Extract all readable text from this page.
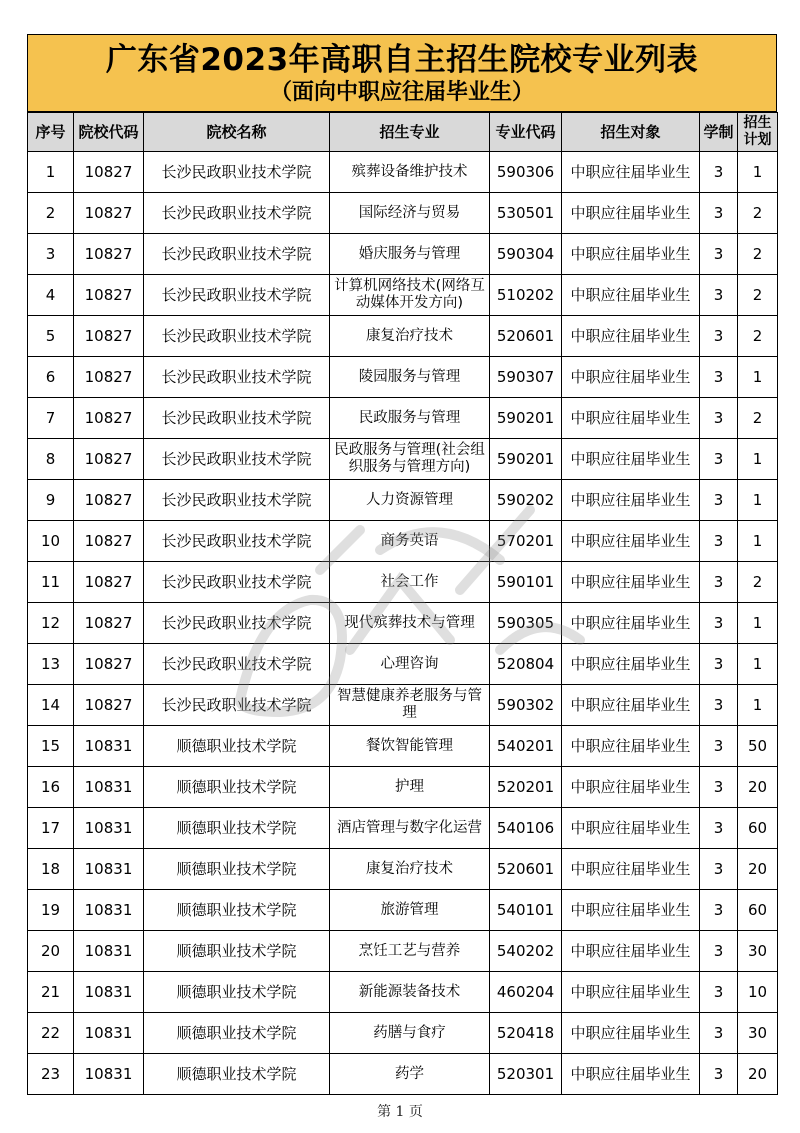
广东省2023年高职自主招生院校专业列表
（面向中职应往届毕业生）
序号	院校代码	院校名称	招生专业	专业代码	招生对象	学制	招生计划
1	10827	长沙民政职业技术学院	殡葬设备维护技术	590306	中职应往届毕业生	3	1
2	10827	长沙民政职业技术学院	国际经济与贸易	530501	中职应往届毕业生	3	2
3	10827	长沙民政职业技术学院	婚庆服务与管理	590304	中职应往届毕业生	3	2
4	10827	长沙民政职业技术学院	计算机网络技术(网络互动媒体开发方向)	510202	中职应往届毕业生	3	2
5	10827	长沙民政职业技术学院	康复治疗技术	520601	中职应往届毕业生	3	2
6	10827	长沙民政职业技术学院	陵园服务与管理	590307	中职应往届毕业生	3	1
7	10827	长沙民政职业技术学院	民政服务与管理	590201	中职应往届毕业生	3	2
8	10827	长沙民政职业技术学院	民政服务与管理(社会组织服务与管理方向)	590201	中职应往届毕业生	3	1
9	10827	长沙民政职业技术学院	人力资源管理	590202	中职应往届毕业生	3	1
10	10827	长沙民政职业技术学院	商务英语	570201	中职应往届毕业生	3	1
11	10827	长沙民政职业技术学院	社会工作	590101	中职应往届毕业生	3	2
12	10827	长沙民政职业技术学院	现代殡葬技术与管理	590305	中职应往届毕业生	3	1
13	10827	长沙民政职业技术学院	心理咨询	520804	中职应往届毕业生	3	1
14	10827	长沙民政职业技术学院	智慧健康养老服务与管理	590302	中职应往届毕业生	3	1
15	10831	顺德职业技术学院	餐饮智能管理	540201	中职应往届毕业生	3	50
16	10831	顺德职业技术学院	护理	520201	中职应往届毕业生	3	20
17	10831	顺德职业技术学院	酒店管理与数字化运营	540106	中职应往届毕业生	3	60
18	10831	顺德职业技术学院	康复治疗技术	520601	中职应往届毕业生	3	20
19	10831	顺德职业技术学院	旅游管理	540101	中职应往届毕业生	3	60
20	10831	顺德职业技术学院	烹饪工艺与营养	540202	中职应往届毕业生	3	30
21	10831	顺德职业技术学院	新能源装备技术	460204	中职应往届毕业生	3	10
22	10831	顺德职业技术学院	药膳与食疗	520418	中职应往届毕业生	3	30
23	10831	顺德职业技术学院	药学	520301	中职应往届毕业生	3	20
第 1 页
